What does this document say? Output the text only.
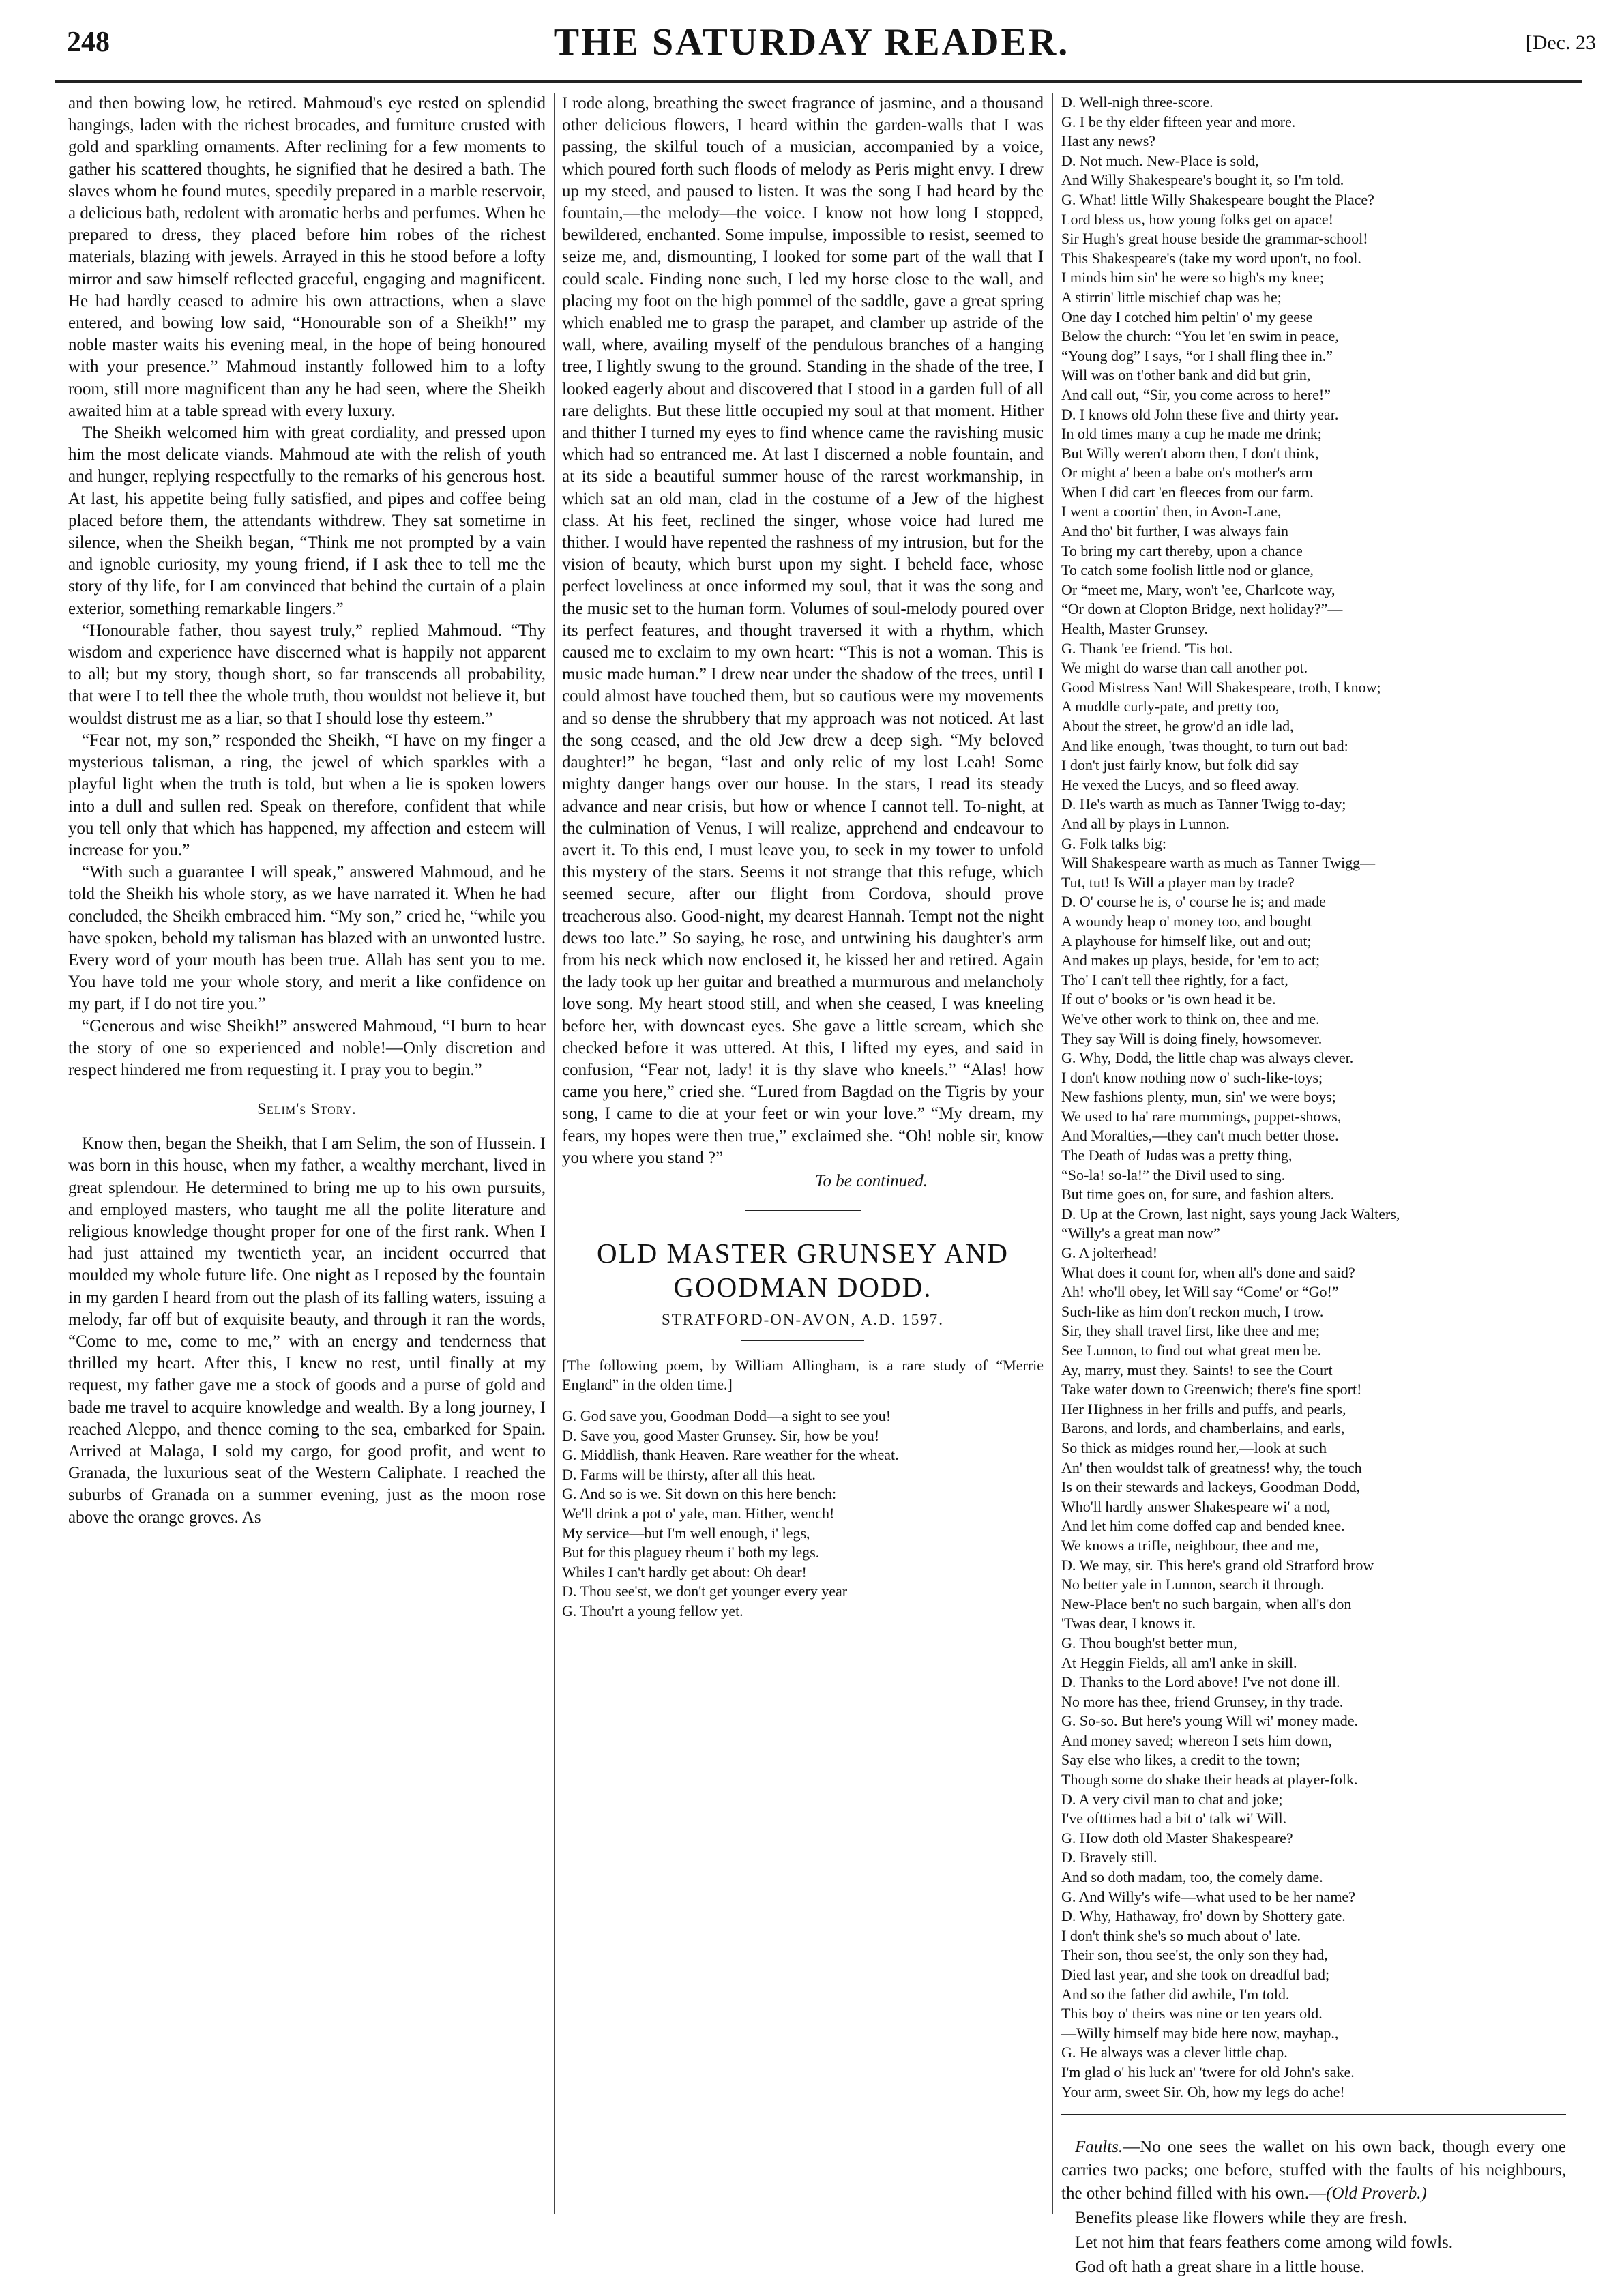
248	THE SATURDAY READER.	[Dec. 23

and then bowing low, he retired. Mahmoud's eye rested on splendid hangings, laden with the richest brocades, and furniture crusted with gold and sparkling ornaments. After reclining for a few moments to gather his scattered thoughts, he signified that he desired a bath. The slaves whom he found mutes, speedily prepared in a marble reservoir, a delicious bath, redolent with aromatic herbs and perfumes. When he prepared to dress, they placed before him robes of the richest materials, blazing with jewels. Arrayed in this he stood before a lofty mirror and saw himself reflected graceful, engaging and magnificent. He had hardly ceased to admire his own attractions, when a slave entered, and bowing low said, “Honourable son of a Sheikh!” my noble master waits his evening meal, in the hope of being honoured with your presence.” Mahmoud instantly followed him to a lofty room, still more magnificent than any he had seen, where the Sheikh awaited him at a table spread with every luxury.

The Sheikh welcomed him with great cordiality, and pressed upon him the most delicate viands. Mahmoud ate with the relish of youth and hunger, replying respectfully to the remarks of his generous host. At last, his appetite being fully satisfied, and pipes and coffee being placed before them, the attendants withdrew. They sat sometime in silence, when the Sheikh began, “Think me not prompted by a vain and ignoble curiosity, my young friend, if I ask thee to tell me the story of thy life, for I am convinced that behind the curtain of a plain exterior, something remarkable lingers.”

“Honourable father, thou sayest truly,” replied Mahmoud. “Thy wisdom and experience have discerned what is happily not apparent to all; but my story, though short, so far transcends all probability, that were I to tell thee the whole truth, thou wouldst not believe it, but wouldst distrust me as a liar, so that I should lose thy esteem.”

“Fear not, my son,” responded the Sheikh, “I have on my finger a mysterious talisman, a ring, the jewel of which sparkles with a playful light when the truth is told, but when a lie is spoken lowers into a dull and sullen red. Speak on therefore, confident that while you tell only that which has happened, my affection and esteem will increase for you.”

“With such a guarantee I will speak,” answered Mahmoud, and he told the Sheikh his whole story, as we have narrated it. When he had concluded, the Sheikh embraced him. “My son,” cried he, “while you have spoken, behold my talisman has blazed with an unwonted lustre. Every word of your mouth has been true. Allah has sent you to me. You have told me your whole story, and merit a like confidence on my part, if I do not tire you.”

“Generous and wise Sheikh!” answered Mahmoud, “I burn to hear the story of one so experienced and noble!—Only discretion and respect hindered me from requesting it. I pray you to begin.”

Selim's Story.

Know then, began the Sheikh, that I am Selim, the son of Hussein. I was born in this house, when my father, a wealthy merchant, lived in great splendour. He determined to bring me up to his own pursuits, and employed masters, who taught me all the polite literature and religious knowledge thought proper for one of the first rank. When I had just attained my twentieth year, an incident occurred that moulded my whole future life. One night as I reposed by the fountain in my garden I heard from out the plash of its falling waters, issuing a melody, far off but of exquisite beauty, and through it ran the words, “Come to me, come to me,” with an energy and tenderness that thrilled my heart. After this, I knew no rest, until finally at my request, my father gave me a stock of goods and a purse of gold and bade me travel to acquire knowledge and wealth. By a long journey, I reached Aleppo, and thence coming to the sea, embarked for Spain. Arrived at Malaga, I sold my cargo, for good profit, and went to Granada, the luxurious seat of the Western Caliphate. I reached the suburbs of Granada on a summer evening, just as the moon rose above the orange groves. As

I rode along, breathing the sweet fragrance of jasmine, and a thousand other delicious flowers, I heard within the garden-walls that I was passing, the skilful touch of a musician, accompanied by a voice, which poured forth such floods of melody as Peris might envy. I drew up my steed, and paused to listen. It was the song I had heard by the fountain,—the melody—the voice. I know not how long I stopped, bewildered, enchanted. Some impulse, impossible to resist, seemed to seize me, and, dismounting, I looked for some part of the wall that I could scale. Finding none such, I led my horse close to the wall, and placing my foot on the high pommel of the saddle, gave a great spring which enabled me to grasp the parapet, and clamber up astride of the wall, where, availing myself of the pendulous branches of a hanging tree, I lightly swung to the ground. Standing in the shade of the tree, I looked eagerly about and discovered that I stood in a garden full of all rare delights. But these little occupied my soul at that moment. Hither and thither I turned my eyes to find whence came the ravishing music which had so entranced me. At last I discerned a noble fountain, and at its side a beautiful summer house of the rarest workmanship, in which sat an old man, clad in the costume of a Jew of the highest class. At his feet, reclined the singer, whose voice had lured me thither. I would have repented the rashness of my intrusion, but for the vision of beauty, which burst upon my sight. I beheld face, whose perfect loveliness at once informed my soul, that it was the song and the music set to the human form. Volumes of soul-melody poured over its perfect features, and thought traversed it with a rhythm, which caused me to exclaim to my own heart: “This is not a woman. This is music made human.” I drew near under the shadow of the trees, until I could almost have touched them, but so cautious were my movements and so dense the shrubbery that my approach was not noticed. At last the song ceased, and the old Jew drew a deep sigh. “My beloved daughter!” he began, “last and only relic of my lost Leah! Some mighty danger hangs over our house. In the stars, I read its steady advance and near crisis, but how or whence I cannot tell. To-night, at the culmination of Venus, I will realize, apprehend and endeavour to avert it. To this end, I must leave you, to seek in my tower to unfold this mystery of the stars. Seems it not strange that this refuge, which seemed secure, after our flight from Cordova, should prove treacherous also. Good-night, my dearest Hannah. Tempt not the night dews too late.” So saying, he rose, and untwining his daughter's arm from his neck which now enclosed it, he kissed her and retired. Again the lady took up her guitar and breathed a murmurous and melancholy love song. My heart stood still, and when she ceased, I was kneeling before her, with downcast eyes. She gave a little scream, which she checked before it was uttered. At this, I lifted my eyes, and said in confusion, “Fear not, lady! it is thy slave who kneels.” “Alas! how came you here,” cried she. “Lured from Bagdad on the Tigris by your song, I came to die at your feet or win your love.” “My dream, my fears, my hopes were then true,” exclaimed she. “Oh! noble sir, know you where you stand ?”

To be continued.
OLD MASTER GRUNSEY AND GOODMAN DODD.
STRATFORD-ON-AVON, A.D. 1597.

[The following poem, by William Allingham, is a rare study of “Merrie England” in the olden time.]

G. God save you, Goodman Dodd—a sight to see you!
D. Save you, good Master Grunsey. Sir, how be you!
G. Middlish, thank Heaven. Rare weather for the wheat.
D. Farms will be thirsty, after all this heat.
G. And so is we. Sit down on this here bench:
We'll drink a pot o' yale, man. Hither, wench!
My service—but I'm well enough, i' legs,
But for this plaguey rheum i' both my legs.
Whiles I can't hardly get about: Oh dear!
D. Thou see'st, we don't get younger every year
G. Thou'rt a young fellow yet.
D. Well-nigh three-score.
G. I be thy elder fifteen year and more.
Hast any news?
D. Not much. New-Place is sold,
And Willy Shakespeare's bought it, so I'm told.
G. What! little Willy Shakespeare bought the Place?
Lord bless us, how young folks get on apace!
Sir Hugh's great house beside the grammar-school!
This Shakespeare's (take my word upon't, no fool.
I minds him sin' he were so high's my knee;
A stirrin' little mischief chap was he;
One day I cotched him peltin' o' my geese
Below the church: “You let 'en swim in peace,
“Young dog” I says, “or I shall fling thee in.”
Will was on t'other bank and did but grin,
And call out, “Sir, you come across to here!”
D. I knows old John these five and thirty year.
In old times many a cup he made me drink;
But Willy weren't aborn then, I don't think,
Or might a' been a babe on's mother's arm
When I did cart 'en fleeces from our farm.
I went a coortin' then, in Avon-Lane,
And tho' bit further, I was always fain
To bring my cart thereby, upon a chance
To catch some foolish little nod or glance,
Or “meet me, Mary, won't 'ee, Charlcote way,
“Or down at Clopton Bridge, next holiday?”—
Health, Master Grunsey.
G. Thank 'ee friend. 'Tis hot.
We might do warse than call another pot.
Good Mistress Nan! Will Shakespeare, troth, I know;
A muddle curly-pate, and pretty too,
About the street, he grow'd an idle lad,
And like enough, 'twas thought, to turn out bad:
I don't just fairly know, but folk did say
He vexed the Lucys, and so fleed away.
D. He's warth as much as Tanner Twigg to-day;
And all by plays in Lunnon.
G. Folk talks big:
Will Shakespeare warth as much as Tanner Twigg—
Tut, tut! Is Will a player man by trade?
D. O' course he is, o' course he is; and made
A woundy heap o' money too, and bought
A playhouse for himself like, out and out;
And makes up plays, beside, for 'em to act;
Tho' I can't tell thee rightly, for a fact,
If out o' books or 'is own head it be.
We've other work to think on, thee and me.
They say Will is doing finely, howsomever.
G. Why, Dodd, the little chap was always clever.
I don't know nothing now o' such-like-toys;
New fashions plenty, mun, sin' we were boys;
We used to ha' rare mummings, puppet-shows,
And Moralties,—they can't much better those.
The Death of Judas was a pretty thing,
“So-la! so-la!” the Divil used to sing.
But time goes on, for sure, and fashion alters.
D. Up at the Crown, last night, says young Jack Walters,
“Willy's a great man now”
G. A jolterhead!
What does it count for, when all's done and said?
Ah! who'll obey, let Will say “Come' or “Go!”
Such-like as him don't reckon much, I trow.
Sir, they shall travel first, like thee and me;
See Lunnon, to find out what great men be.
Ay, marry, must they. Saints! to see the Court
Take water down to Greenwich; there's fine sport!
Her Highness in her frills and puffs, and pearls,
Barons, and lords, and chamberlains, and earls,
So thick as midges round her,—look at such
An' then wouldst talk of greatness! why, the touch
Is on their stewards and lackeys, Goodman Dodd,
Who'll hardly answer Shakespeare wi' a nod,
And let him come doffed cap and bended knee.
We knows a trifle, neighbour, thee and me,
D. We may, sir. This here's grand old Stratford brow
No better yale in Lunnon, search it through.
New-Place ben't no such bargain, when all's don
'Twas dear, I knows it.
G. Thou bough'st better mun,
At Heggin Fields, all am'l anke in skill.
D. Thanks to the Lord above! I've not done ill.
No more has thee, friend Grunsey, in thy trade.
G. So-so. But here's young Will wi' money made.
And money saved; whereon I sets him down,
Say else who likes, a credit to the town;
Though some do shake their heads at player-folk.
D. A very civil man to chat and joke;
I've ofttimes had a bit o' talk wi' Will.
G. How doth old Master Shakespeare?
D. Bravely still.
And so doth madam, too, the comely dame.
G. And Willy's wife—what used to be her name?
D. Why, Hathaway, fro' down by Shottery gate.
I don't think she's so much about o' late.
Their son, thou see'st, the only son they had,
Died last year, and she took on dreadful bad;
And so the father did awhile, I'm told.
This boy o' theirs was nine or ten years old.
—Willy himself may bide here now, mayhap.,
G. He always was a clever little chap.
I'm glad o' his luck an' 'twere for old John's sake.
Your arm, sweet Sir. Oh, how my legs do ache!

Faults.—No one sees the wallet on his own back, though every one carries two packs; one before, stuffed with the faults of his neighbours, the other behind filled with his own.—(Old Proverb.)

Benefits please like flowers while they are fresh.

Let not him that fears feathers come among wild fowls.

God oft hath a great share in a little house.
